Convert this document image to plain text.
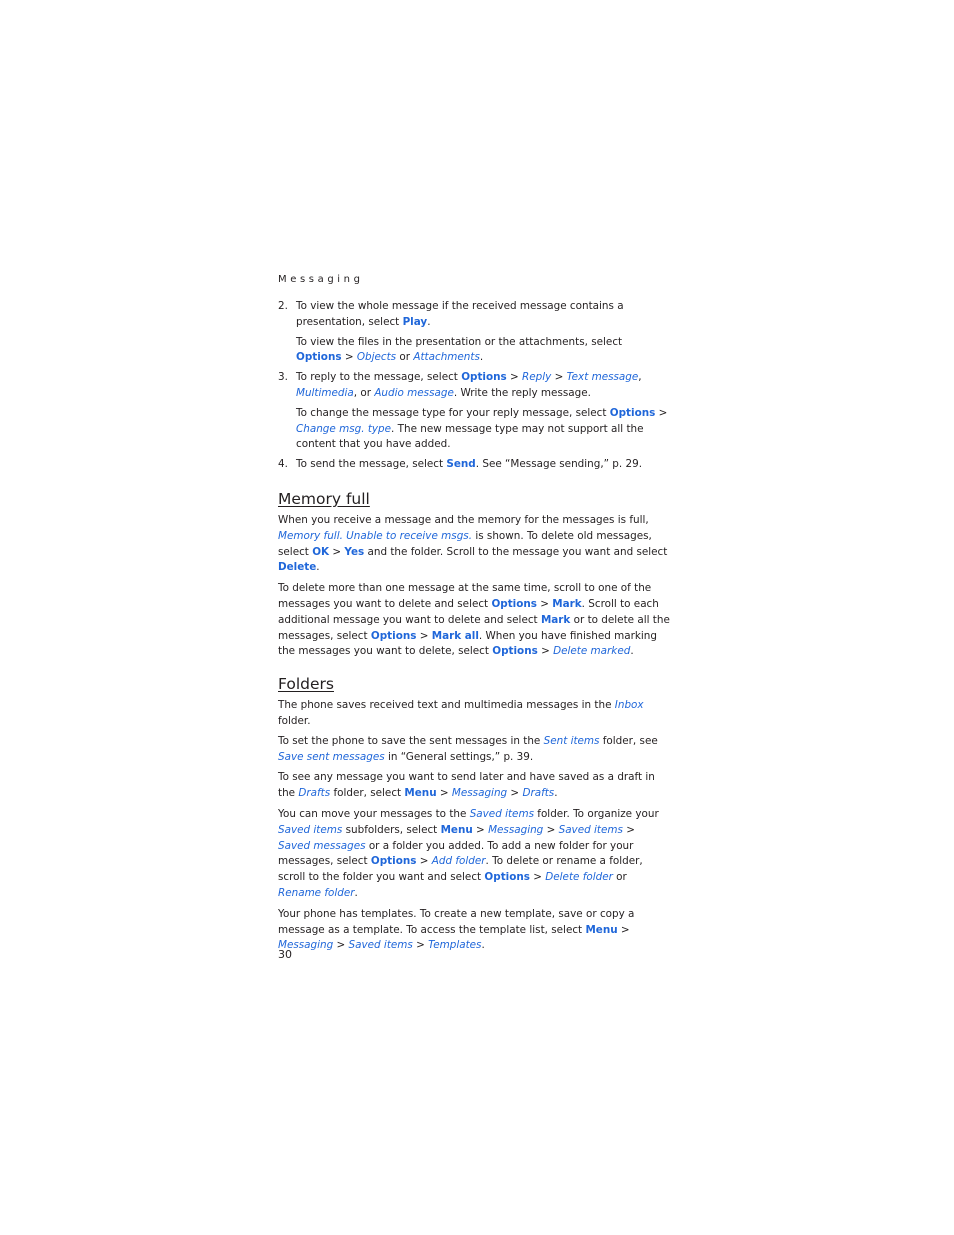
Messaging
2. To view the whole message if the received message contains a presentation, select Play.
To view the files in the presentation or the attachments, select Options > Objects or Attachments.
3. To reply to the message, select Options > Reply > Text message, Multimedia, or Audio message. Write the reply message.
To change the message type for your reply message, select Options > Change msg. type. The new message type may not support all the content that you have added.
4. To send the message, select Send. See “Message sending,” p. 29.
Memory full

When you receive a message and the memory for the messages is full, Memory full. Unable to receive msgs. is shown. To delete old messages, select OK > Yes and the folder. Scroll to the message you want and select Delete.

To delete more than one message at the same time, scroll to one of the messages you want to delete and select Options > Mark. Scroll to each additional message you want to delete and select Mark or to delete all the messages, select Options > Mark all. When you have finished marking the messages you want to delete, select Options > Delete marked.

Folders

The phone saves received text and multimedia messages in the Inbox folder.

To set the phone to save the sent messages in the Sent items folder, see Save sent messages in “General settings,” p. 39.

To see any message you want to send later and have saved as a draft in the Drafts folder, select Menu > Messaging > Drafts.

You can move your messages to the Saved items folder. To organize your Saved items subfolders, select Menu > Messaging > Saved items > Saved messages or a folder you added. To add a new folder for your messages, select Options > Add folder. To delete or rename a folder, scroll to the folder you want and select Options > Delete folder or Rename folder.

Your phone has templates. To create a new template, save or copy a message as a template. To access the template list, select Menu > Messaging > Saved items > Templates.

30
